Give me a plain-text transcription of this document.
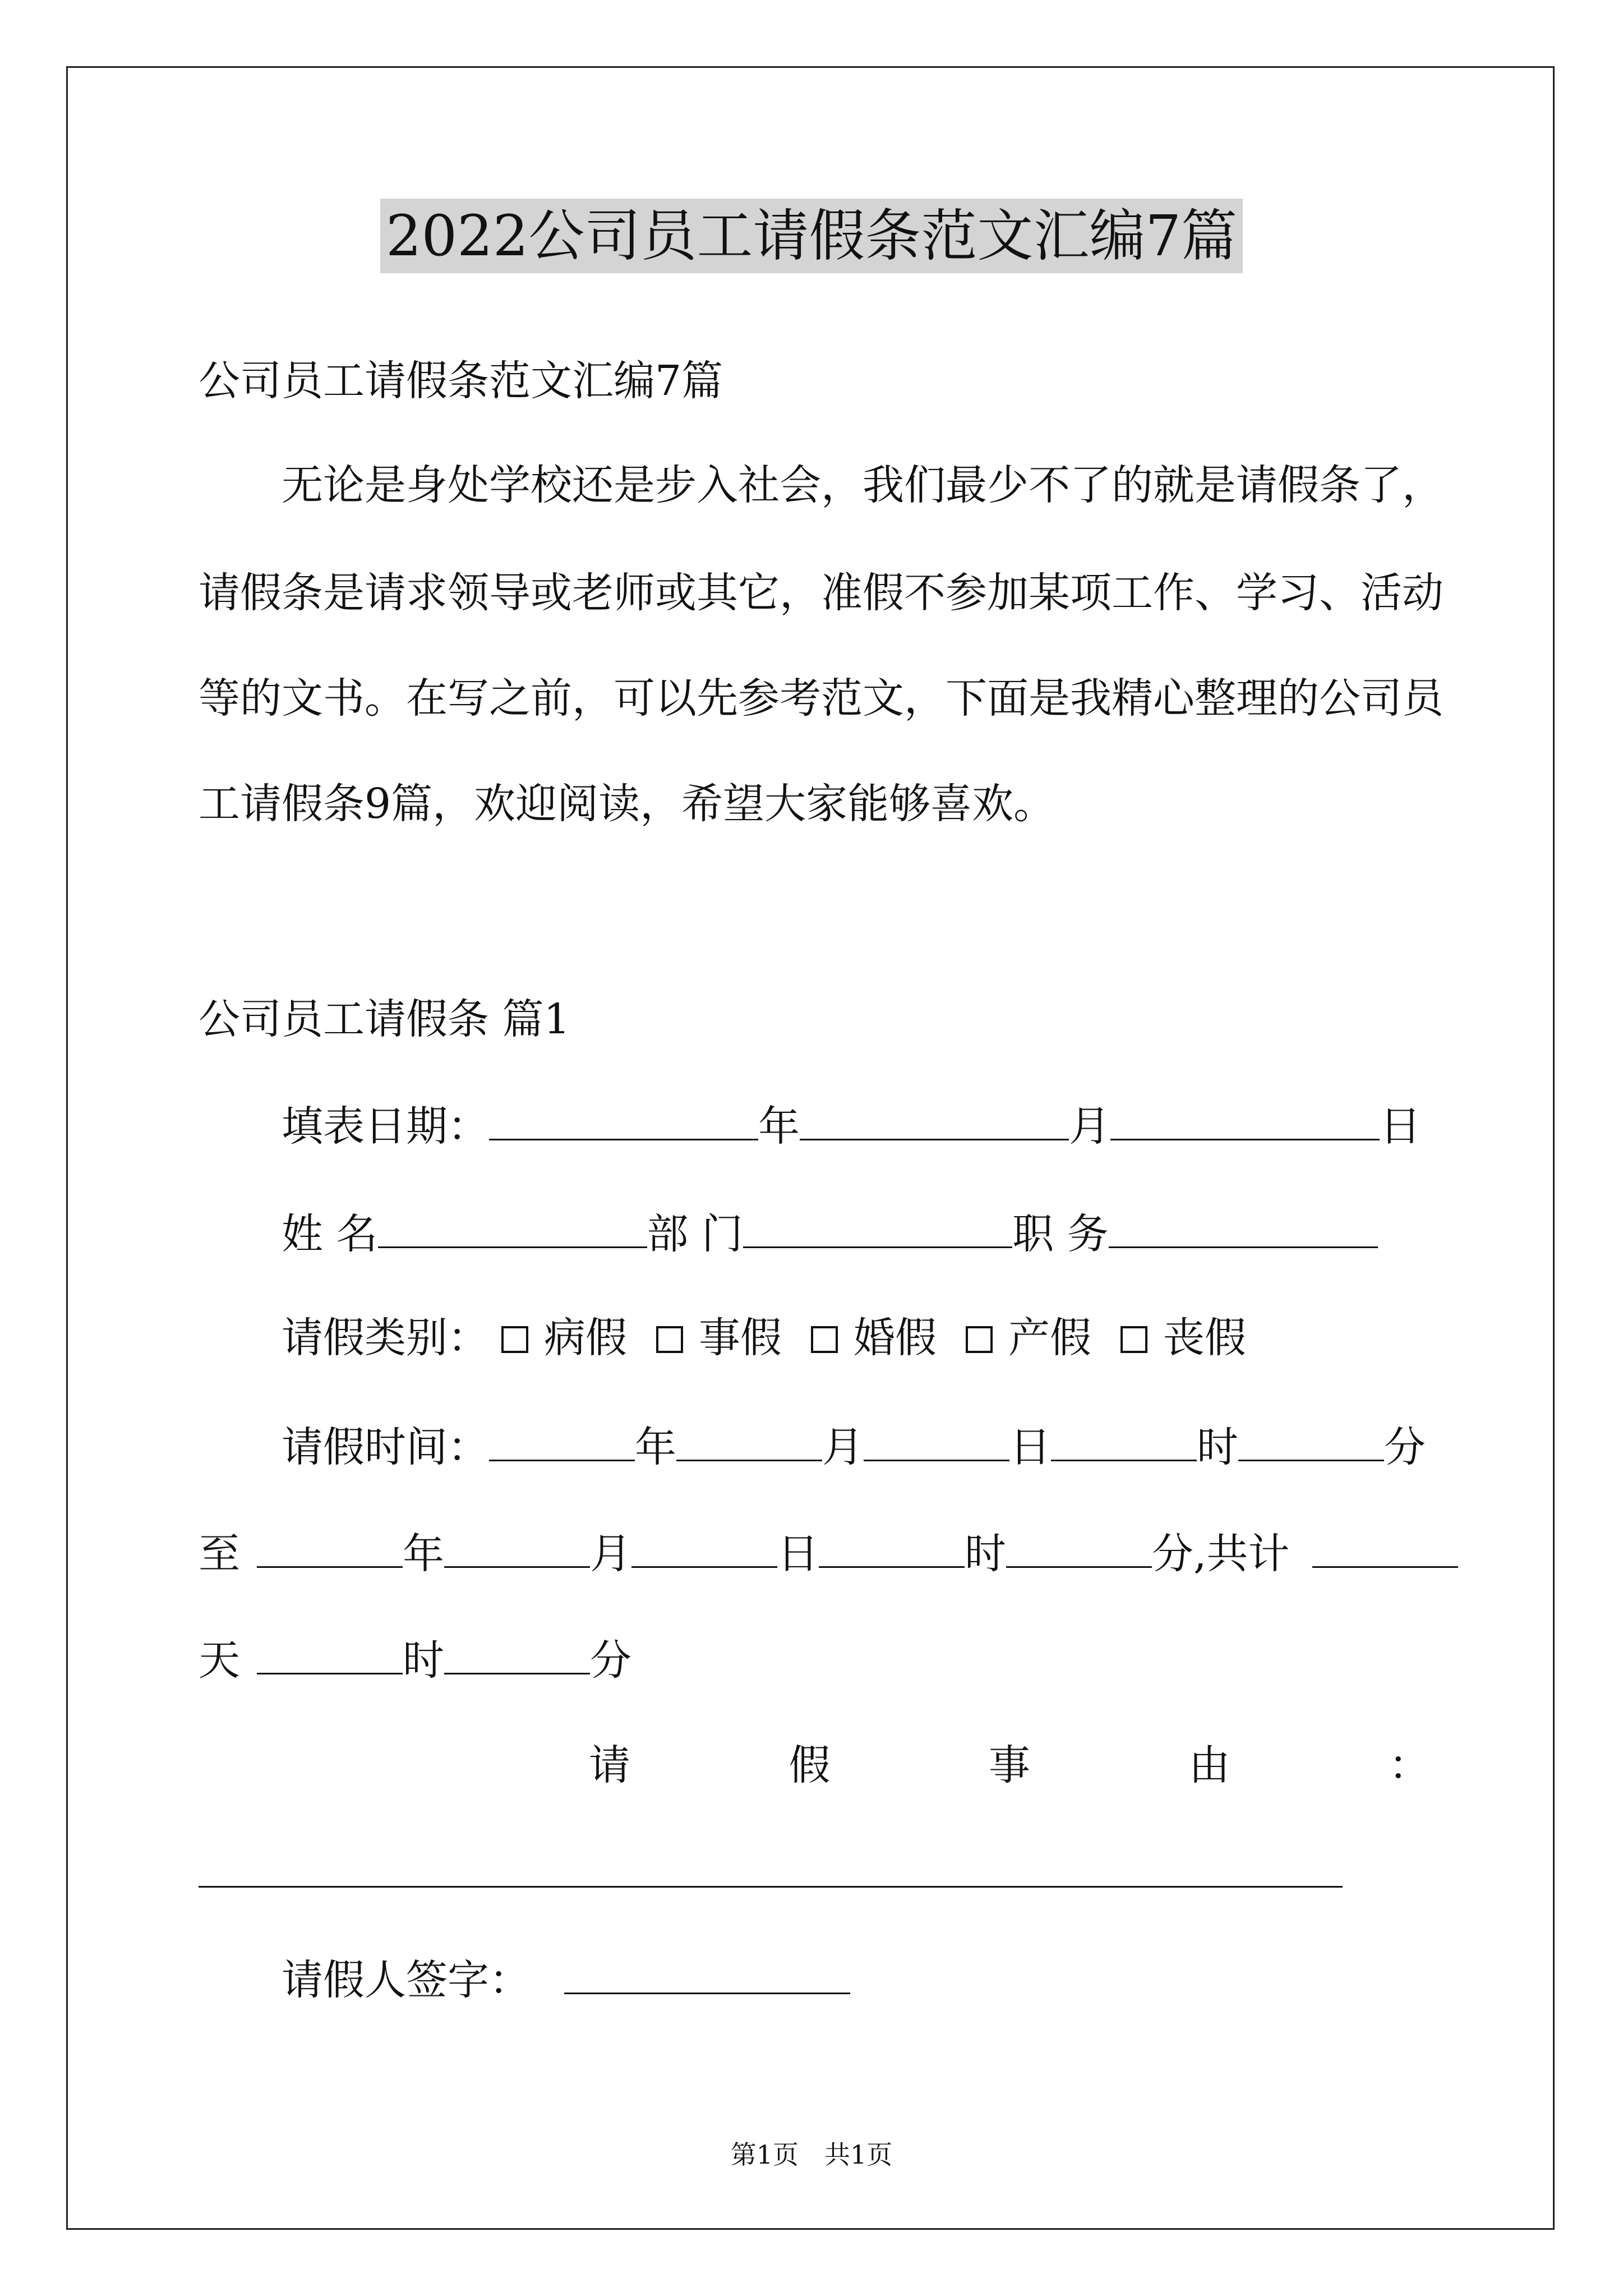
2022公司员工请假条范文汇编7篇
公司员工请假条范文汇编7篇
无论是身处学校还是步入社会，我们最少不了的就是请假条了，
请假条是请求领导或老师或其它，准假不参加某项工作、学习、活动
等的文书。在写之前，可以先参考范文，下面是我精心整理的公司员
工请假条9篇，欢迎阅读，希望大家能够喜欢。
公司员工请假条 篇1
填表日期：	年	月	日
姓 名	部 门	职 务
请假类别： 病假 事假 婚假 产假 丧假
请假时间：	年	月	日	时	分
至	年	月	日	时	分,共计
天	时	分
请	假	事	由	：
请假人签字：
第1页　共1页
